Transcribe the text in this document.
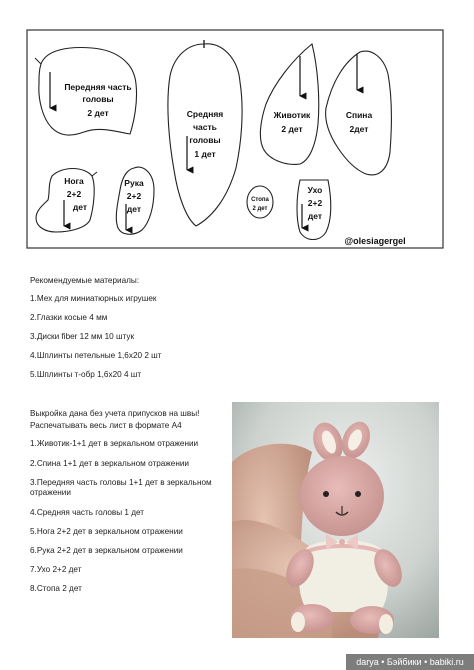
Передняя часть
головы
2 дет	Средняя
часть
головы
1 дет
Животик
2 дет
Спина
2дет
Нога
2+2
дет
Рука
2+2
дет
Стопа
2 дет
Ухо
2+2
дет
@olesiagergel
Рекомендуемые материалы:
1.Мех для миниатюрных игрушек
2.Глазки косые 4 мм
3.Диски fiber 12 мм 10 штук
4.Шплинты петельные 1,6х20 2 шт
5.Шплинты т-обр 1,6х20 4 шт
Выкройка дана без учета припусков на швы!
Распечатывать весь лист в формате А4
1.Животик-1+1 дет в зеркальном отражении
2.Спина 1+1 дет в зеркальном отражении
3.Передняя часть головы 1+1 дет в зеркальном отражении
4.Средняя часть головы 1 дет
5.Нога 2+2 дет в зеркальном отражении
6.Рука 2+2 дет в зеркальном отражении
7.Ухо 2+2 дет
8.Стопа 2 дет
darya • Бэйбики • babiki.ru
